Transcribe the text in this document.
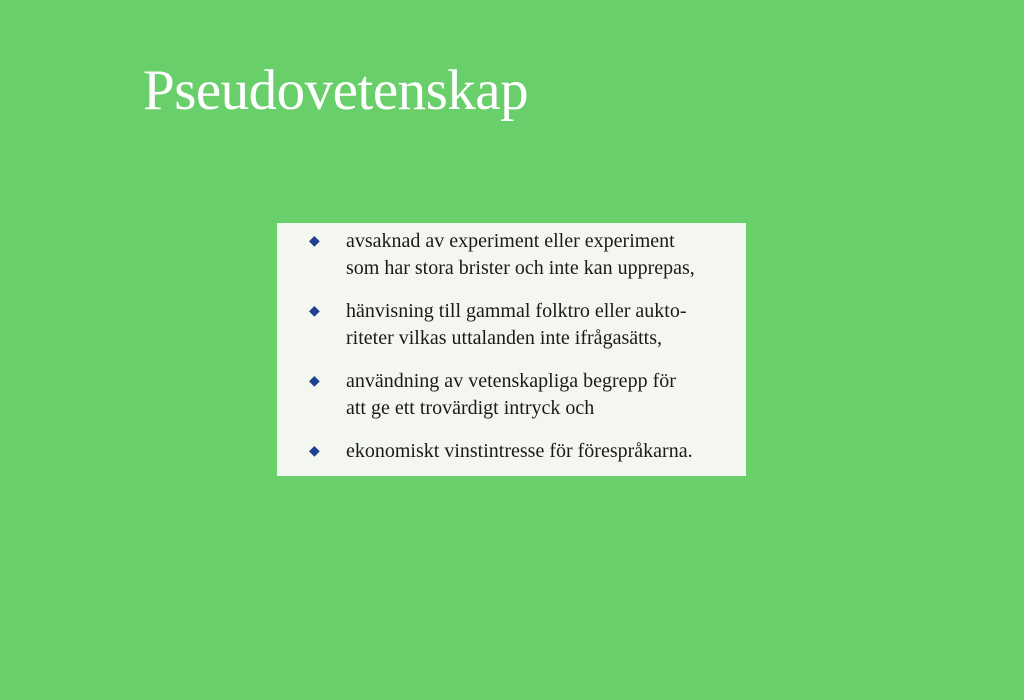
Pseudovetenskap
◆ avsaknad av experiment eller experiment
som har stora brister och inte kan upprepas,
◆ hänvisning till gammal folktro eller aukto-
riteter vilkas uttalanden inte ifrågasätts,
◆ användning av vetenskapliga begrepp för
att ge ett trovärdigt intryck och
◆ ekonomiskt vinstintresse för förespråkarna.
